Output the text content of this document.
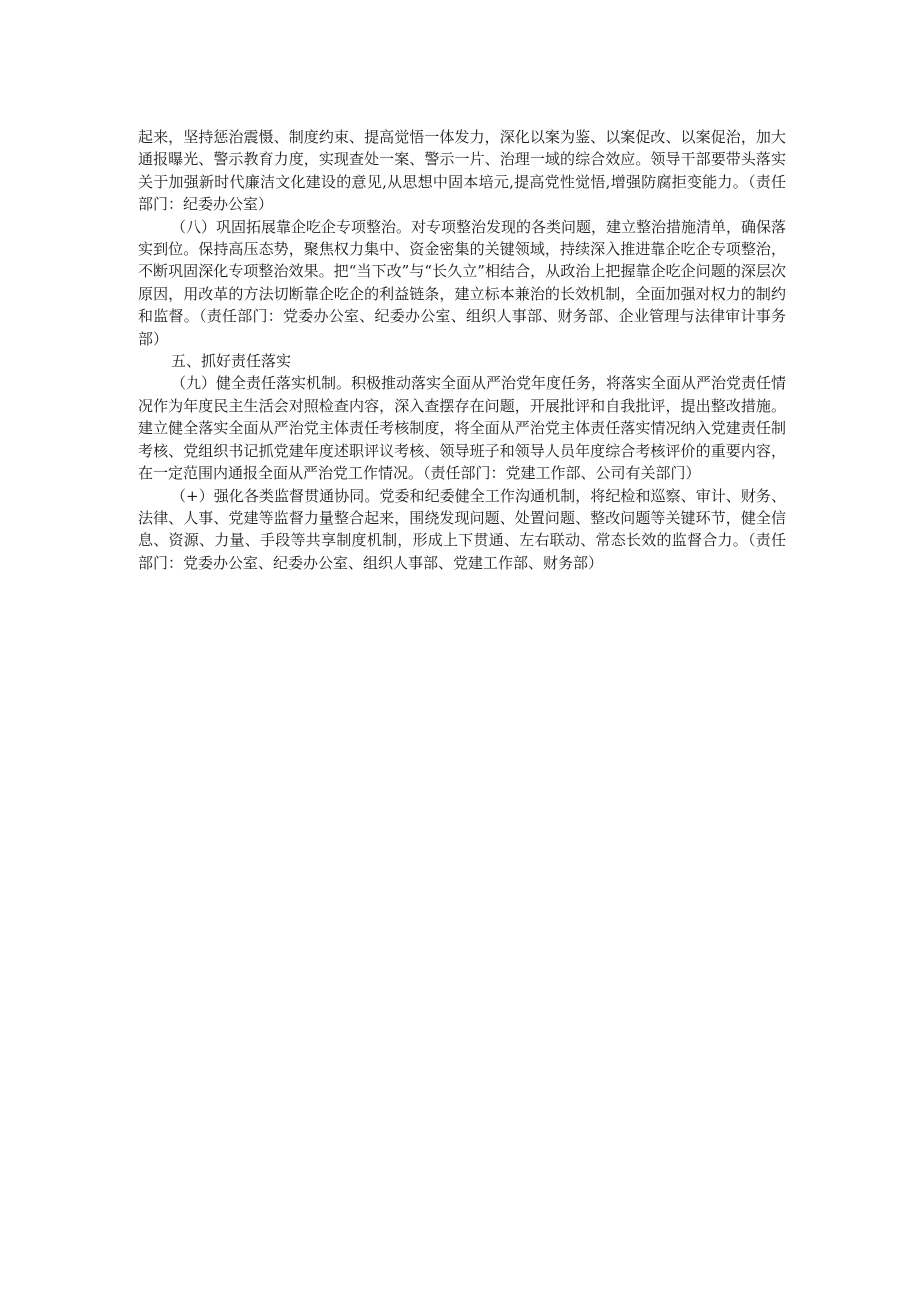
起来，坚持惩治震慑、制度约束、提高觉悟一体发力，深化以案为鉴、以案促改、以案促治，加大通报曝光、警示教育力度，实现查处一案、警示一片、治理一域的综合效应。领导干部要带头落实关于加强新时代廉洁文化建设的意见,从思想中固本培元,提高党性觉悟,增强防腐拒变能力。（责任部门：纪委办公室）

（八）巩固拓展靠企吃企专项整治。对专项整治发现的各类问题，建立整治措施清单，确保落实到位。保持高压态势，聚焦权力集中、资金密集的关键领域，持续深入推进靠企吃企专项整治，不断巩固深化专项整治效果。把“当下改”与“长久立”相结合，从政治上把握靠企吃企问题的深层次原因，用改革的方法切断靠企吃企的利益链条，建立标本兼治的长效机制，全面加强对权力的制约和监督。（责任部门：党委办公室、纪委办公室、组织人事部、财务部、企业管理与法律审计事务部）

五、抓好责任落实

（九）健全责任落实机制。积极推动落实全面从严治党年度任务，将落实全面从严治党责任情况作为年度民主生活会对照检查内容，深入查摆存在问题，开展批评和自我批评，提出整改措施。建立健全落实全面从严治党主体责任考核制度，将全面从严治党主体责任落实情况纳入党建责任制考核、党组织书记抓党建年度述职评议考核、领导班子和领导人员年度综合考核评价的重要内容，在一定范围内通报全面从严治党工作情况。（责任部门：党建工作部、公司有关部门）

（+）强化各类监督贯通协同。党委和纪委健全工作沟通机制，将纪检和巡察、审计、财务、法律、人事、党建等监督力量整合起来，围绕发现问题、处置问题、整改问题等关键环节，健全信息、资源、力量、手段等共享制度机制，形成上下贯通、左右联动、常态长效的监督合力。（责任部门：党委办公室、纪委办公室、组织人事部、党建工作部、财务部）
